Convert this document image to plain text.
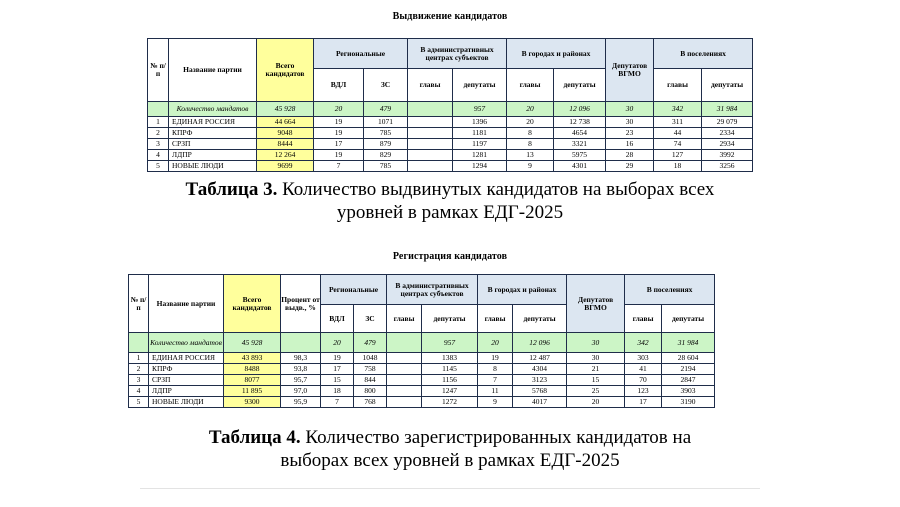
Выдвижение кандидатов
№ п/п	Название партии	Всего кандидатов	Региональные		В административных центрах субъектов		В городах и районах		Депутатов ВГМО	В поселениях	
			ВДЛ	ЗС	главы	депутаты	главы	депутаты		главы	депутаты
	Количество мандатов	45 928	20	479		957	20	12 096	30	342	31 984
1	ЕДИНАЯ РОССИЯ	44 664	19	1071		1396	20	12 738	30	311	29 079
2	КПРФ	9048	19	785		1181	8	4654	23	44	2334
3	СРЗП	8444	17	879		1197	8	3321	16	74	2934
4	ЛДПР	12 264	19	829		1281	13	5975	28	127	3992
5	НОВЫЕ ЛЮДИ	9699	7	785		1294	9	4301	29	18	3256
Таблица 3. Количество выдвинутых кандидатов на выборах всех
уровней в рамках ЕДГ-2025
Регистрация кандидатов
№ п/п	Название партии	Всего кандидатов	Процент от выдв., %	Региональные		В административных центрах субъектов		В городах и районах		Депутатов ВГМО	В поселениях	
				ВДЛ	ЗС	главы	депутаты	главы	депутаты		главы	депутаты
	Количество мандатов	45 928		20	479		957	20	12 096	30	342	31 984
1	ЕДИНАЯ РОССИЯ	43 893	98,3	19	1048		1383	19	12 487	30	303	28 604
2	КПРФ	8488	93,8	17	758		1145	8	4304	21	41	2194
3	СРЗП	8077	95,7	15	844		1156	7	3123	15	70	2847
4	ЛДПР	11 895	97,0	18	800		1247	11	5768	25	123	3903
5	НОВЫЕ ЛЮДИ	9300	95,9	7	768		1272	9	4017	20	17	3190
Таблица 4. Количество зарегистрированных кандидатов на
выборах всех уровней в рамках ЕДГ-2025
